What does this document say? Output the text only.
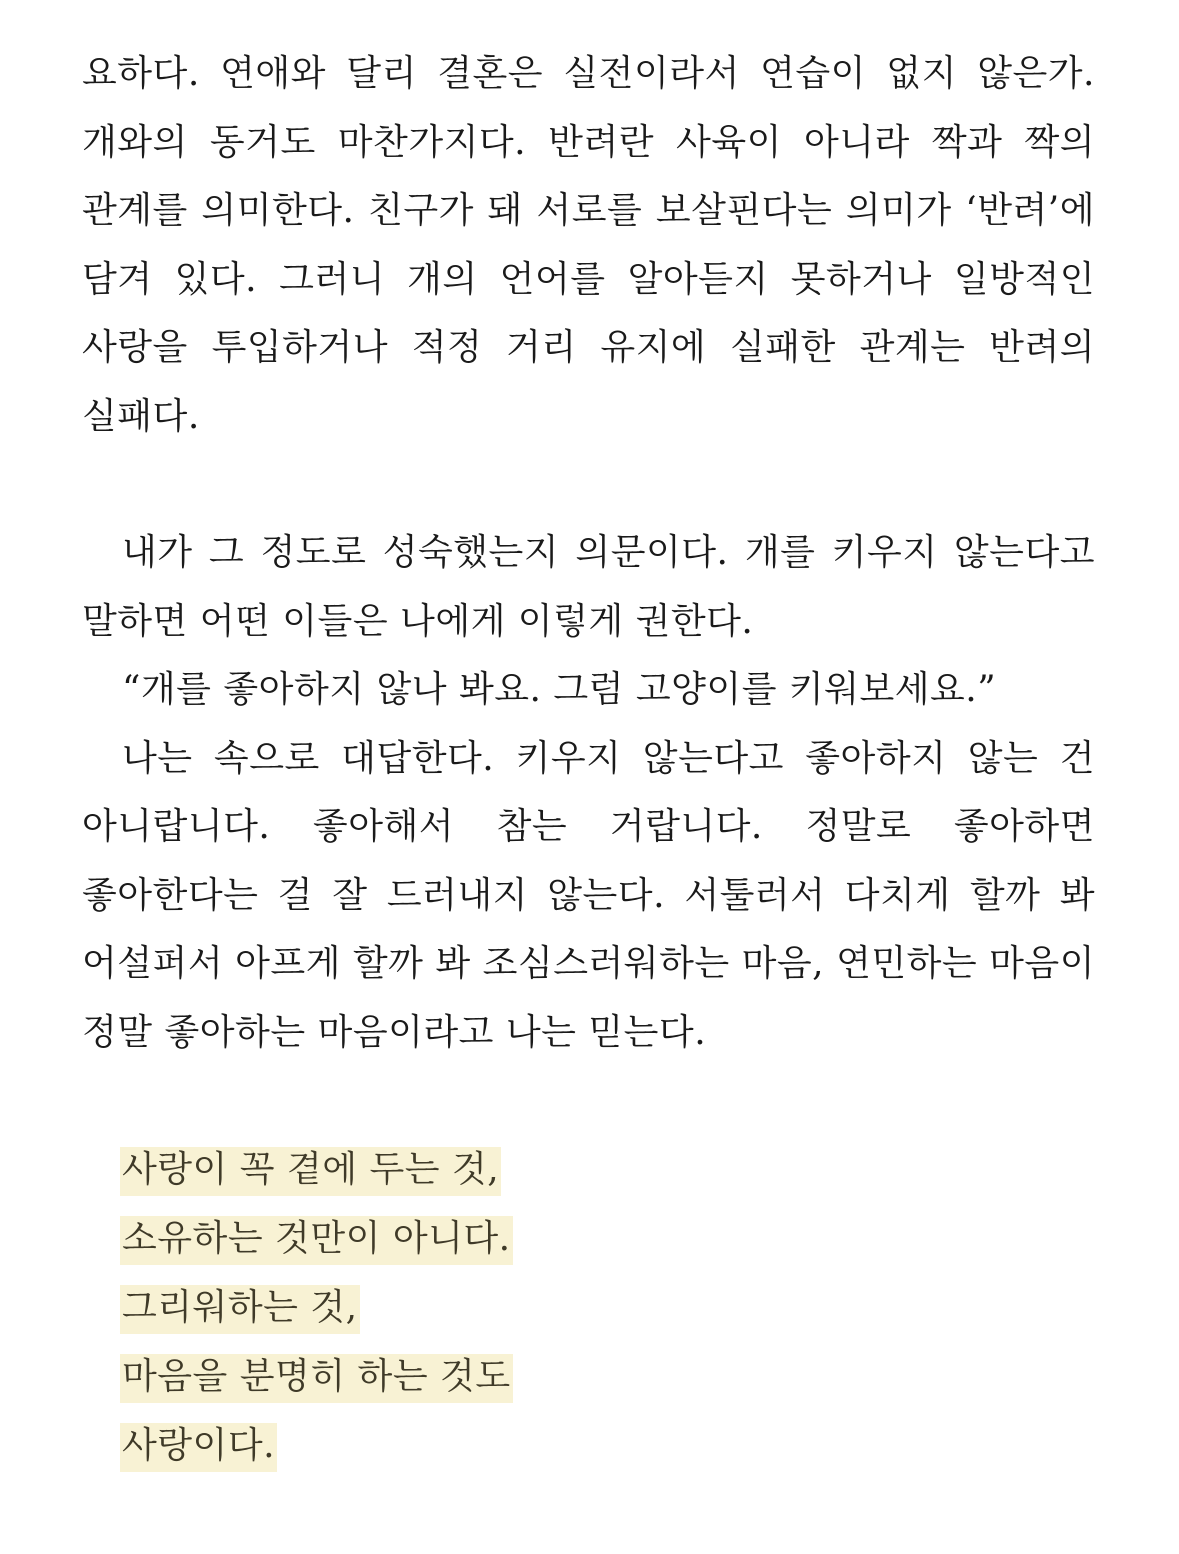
요하다. 연애와 달리 결혼은 실전이라서 연습이 없지 않은가. 개와의 동거도 마찬가지다. 반려란 사육이 아니라 짝과 짝의 관계를 의미한다. 친구가 돼 서로를 보살핀다는 의미가 ‘반려’에 담겨 있다. 그러니 개의 언어를 알아듣지 못하거나 일방적인 사랑을 투입하거나 적정 거리 유지에 실패한 관계는 반려의 실패다.

내가 그 정도로 성숙했는지 의문이다. 개를 키우지 않는다고 말하면 어떤 이들은 나에게 이렇게 권한다.

“개를 좋아하지 않나 봐요. 그럼 고양이를 키워보세요.”

나는 속으로 대답한다. 키우지 않는다고 좋아하지 않는 건 아니랍니다. 좋아해서 참는 거랍니다. 정말로 좋아하면 좋아한다는 걸 잘 드러내지 않는다. 서툴러서 다치게 할까 봐 어설퍼서 아프게 할까 봐 조심스러워하는 마음, 연민하는 마음이 정말 좋아하는 마음이라고 나는 믿는다.

사랑이 꼭 곁에 두는 것,
소유하는 것만이 아니다.
그리워하는 것,
마음을 분명히 하는 것도
사랑이다.
